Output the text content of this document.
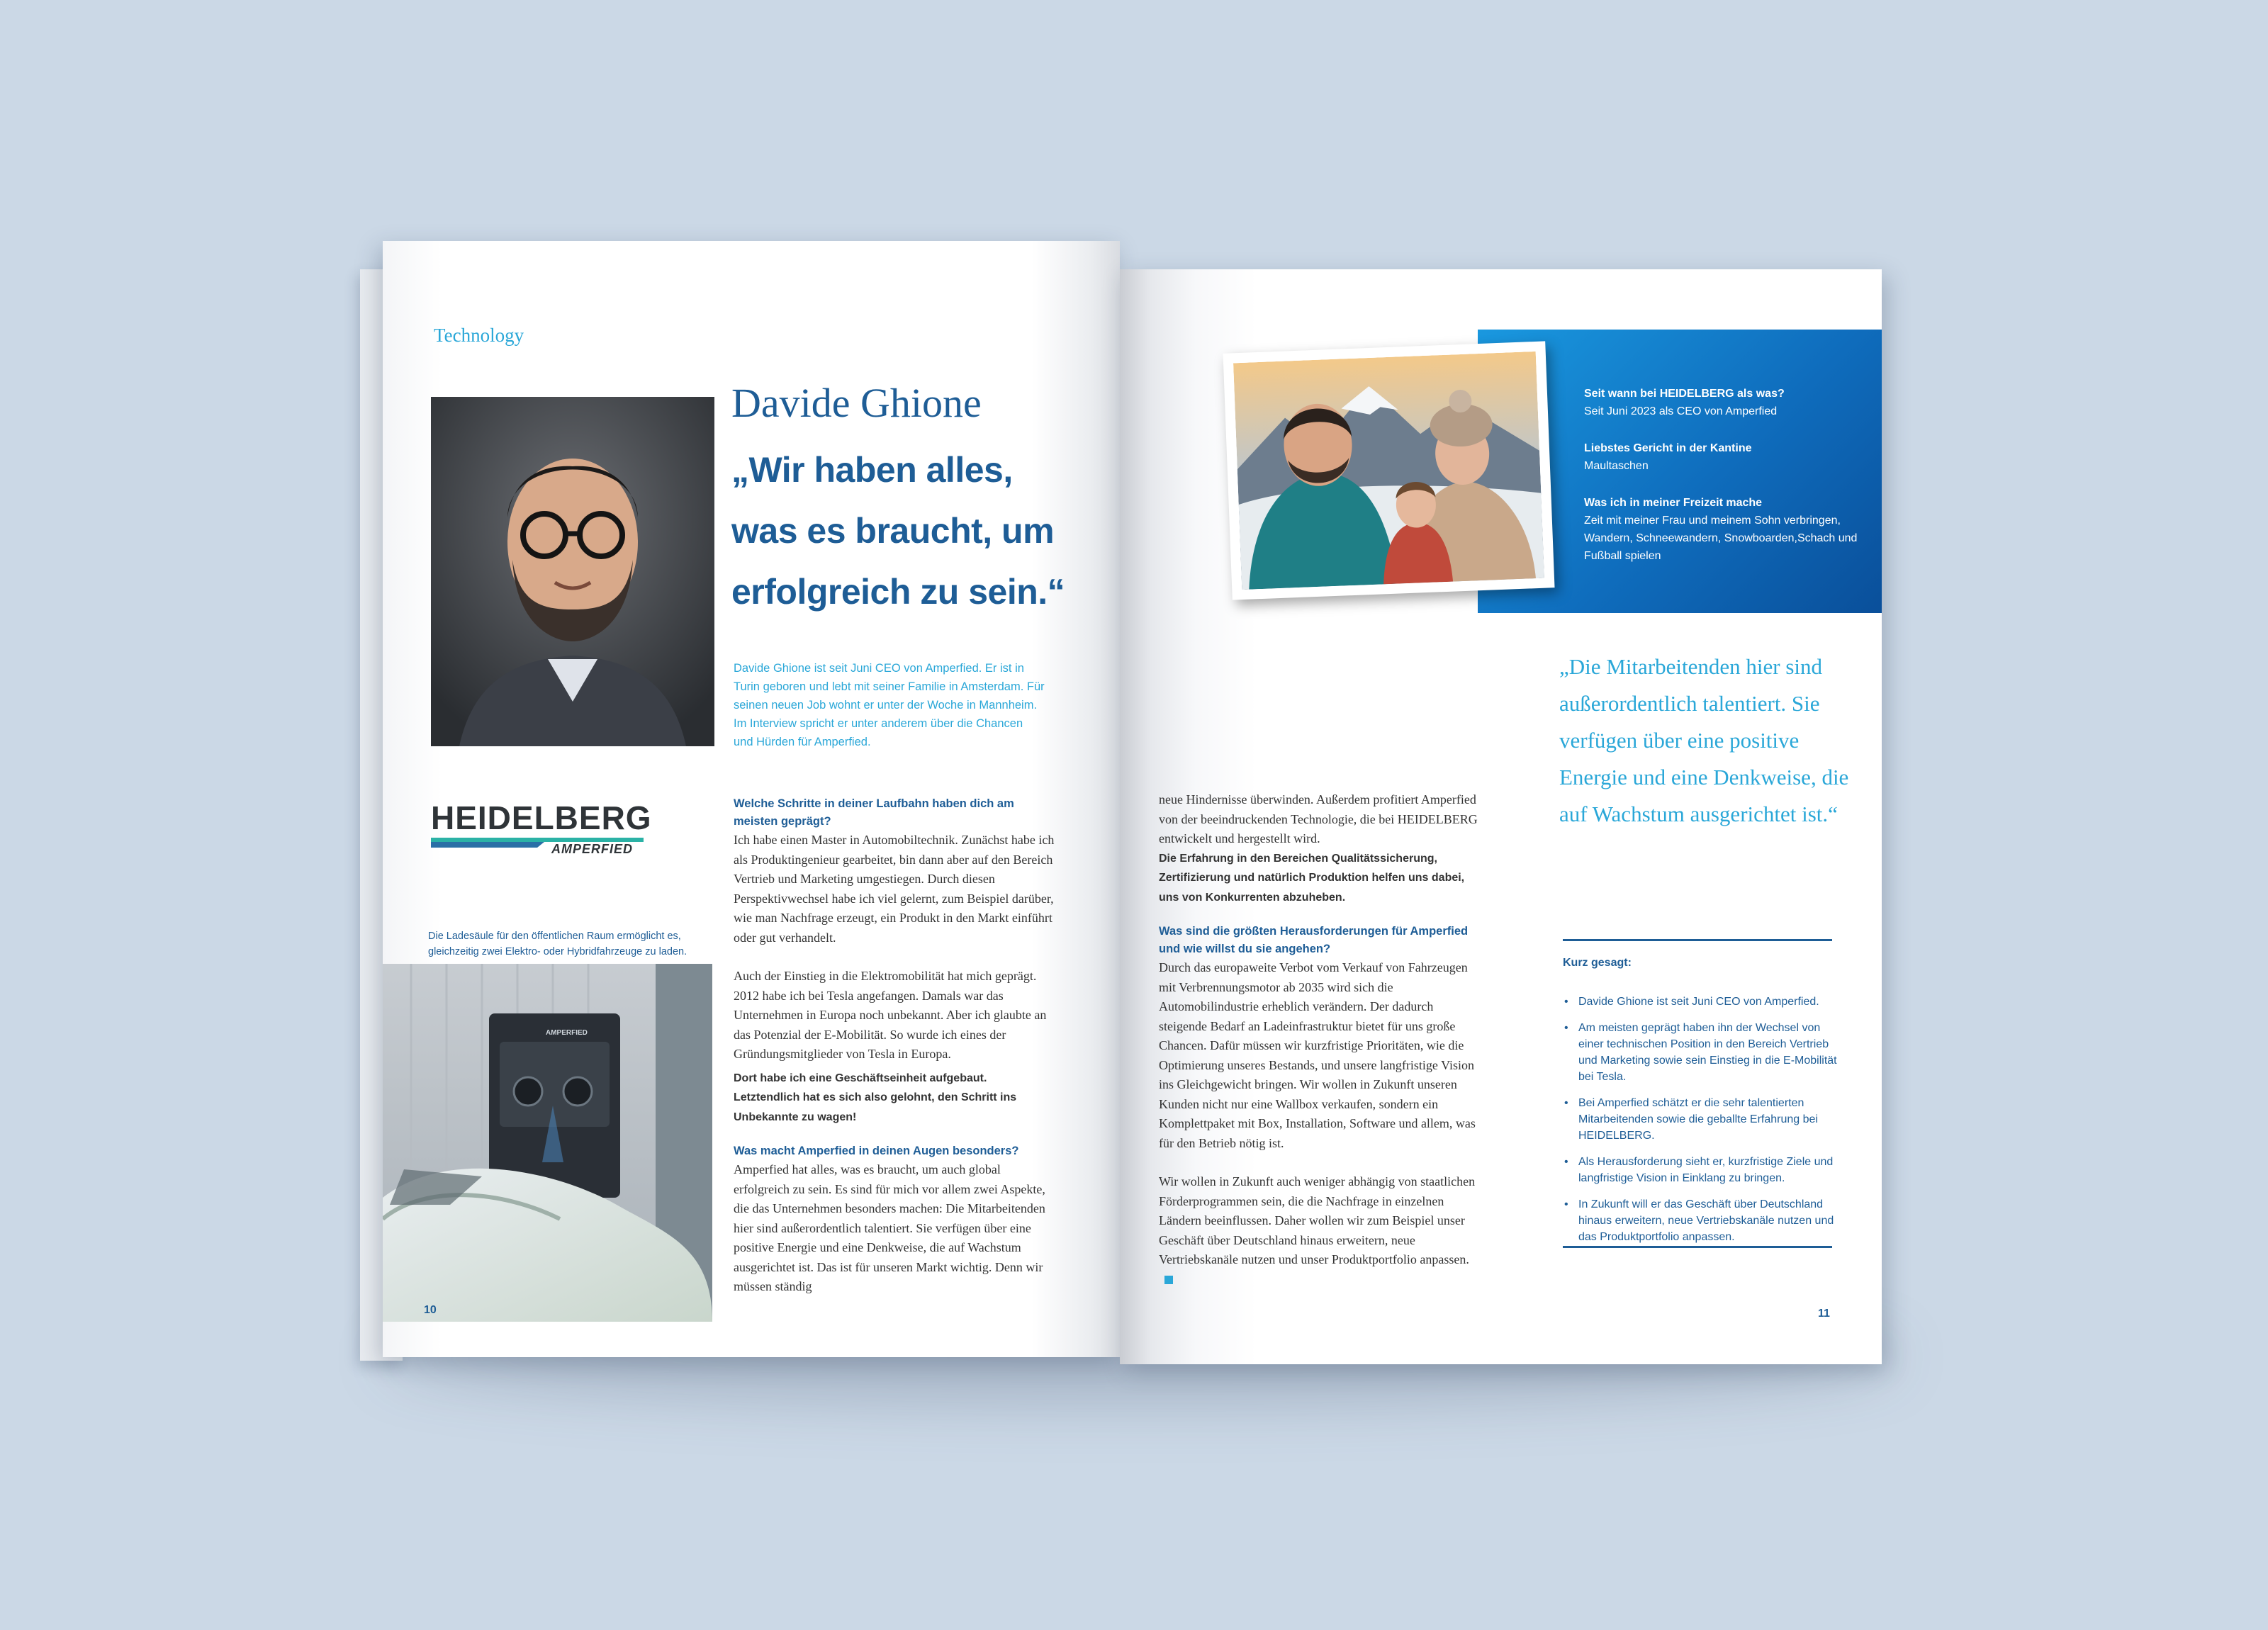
Technology
Davide Ghione
„Wir haben alles,
was es braucht, um
erfolgreich zu sein.“
Davide Ghione ist seit Juni CEO von Amperfied. Er ist in Turin geboren und lebt mit seiner Familie in Amsterdam. Für seinen neuen Job wohnt er unter der Woche in Mannheim. Im Interview spricht er unter anderem über die Chancen und Hürden für Amperfied.
HEIDELBERG
AMPERFIED
Die Ladesäule für den öffentlichen Raum ermöglicht es, gleichzeitig zwei Elektro- oder Hybridfahrzeuge zu laden.
AMPERFIED
10
Welche Schritte in deiner Laufbahn haben dich am meisten geprägt?

Ich habe einen Master in Automobiltechnik. Zunächst habe ich als Produktingenieur gearbeitet, bin dann aber auf den Bereich Vertrieb und Marketing umgestiegen. Durch diesen Perspektivwechsel habe ich viel gelernt, zum Beispiel darüber, wie man Nachfrage erzeugt, ein Produkt in den Markt einführt oder gut verhandelt.

Auch der Einstieg in die Elektromobilität hat mich geprägt. 2012 habe ich bei Tesla angefangen. Damals war das Unternehmen in Europa noch unbekannt. Aber ich glaubte an das Potenzial der E-Mobilität. So wurde ich eines der Gründungsmitglieder von Tesla in Europa.

Dort habe ich eine Geschäftseinheit aufgebaut. Letztendlich hat es sich also gelohnt, den Schritt ins Unbekannte zu wagen!

Was macht Amperfied in deinen Augen besonders?

Amperfied hat alles, was es braucht, um auch global erfolgreich zu sein. Es sind für mich vor allem zwei Aspekte, die das Unternehmen besonders machen: Die Mitarbeitenden hier sind außerordentlich talentiert. Sie verfügen über eine positive Energie und eine Denkweise, die auf Wachstum ausgerichtet ist. Das ist für unseren Markt wichtig. Denn wir müssen ständig

Seit wann bei HEIDELBERG als was?
Seit Juni 2023 als CEO von Amperfied
Liebstes Gericht in der Kantine
Maultaschen
Was ich in meiner Freizeit mache
Zeit mit meiner Frau und meinem Sohn verbringen, Wandern, Schneewandern, Snowboarden,Schach und Fußball spielen
„Die Mitarbeitenden hier sind außerordentlich talentiert. Sie verfügen über eine positive Energie und eine Denkweise, die auf Wachstum ausgerichtet ist.“
Kurz gesagt:
• Davide Ghione ist seit Juni CEO von Amperfied.
• Am meisten geprägt haben ihn der Wechsel von einer technischen Position in den Bereich Vertrieb und Marketing sowie sein Einstieg in die E-Mobilität bei Tesla.
• Bei Amperfied schätzt er die sehr talentierten Mitarbeitenden sowie die geballte Erfahrung bei HEIDELBERG.
• Als Herausforderung sieht er, kurzfristige Ziele und langfristige Vision in Einklang zu bringen.
• In Zukunft will er das Geschäft über Deutschland hinaus erweitern, neue Vertriebskanäle nutzen und das Produktportfolio anpassen.

neue Hindernisse überwinden. Außerdem profitiert Amperfied von der beeindruckenden Technologie, die bei HEIDELBERG entwickelt und hergestellt wird.

Die Erfahrung in den Bereichen Qualitätssicherung, Zertifizierung und natürlich Produktion helfen uns dabei, uns von Konkurrenten abzuheben.

Was sind die größten Herausforderungen für Amperfied und wie willst du sie angehen?

Durch das europaweite Verbot vom Verkauf von Fahrzeugen mit Verbrennungsmotor ab 2035 wird sich die Automobilindustrie erheblich verändern. Der dadurch steigende Bedarf an Ladeinfrastruktur bietet für uns große Chancen. Dafür müssen wir kurzfristige Prioritäten, wie die Optimierung unseres Bestands, und unsere langfristige Vision ins Gleichgewicht bringen. Wir wollen in Zukunft unseren Kunden nicht nur eine Wallbox verkaufen, sondern ein Komplettpaket mit Box, Installation, Software und allem, was für den Betrieb nötig ist.

Wir wollen in Zukunft auch weniger abhängig von staatlichen Förderprogrammen sein, die die Nachfrage in einzelnen Ländern beeinflussen. Daher wollen wir zum Beispiel unser Geschäft über Deutschland hinaus erweitern, neue Vertriebskanäle nutzen und unser Produktportfolio anpassen.

11
